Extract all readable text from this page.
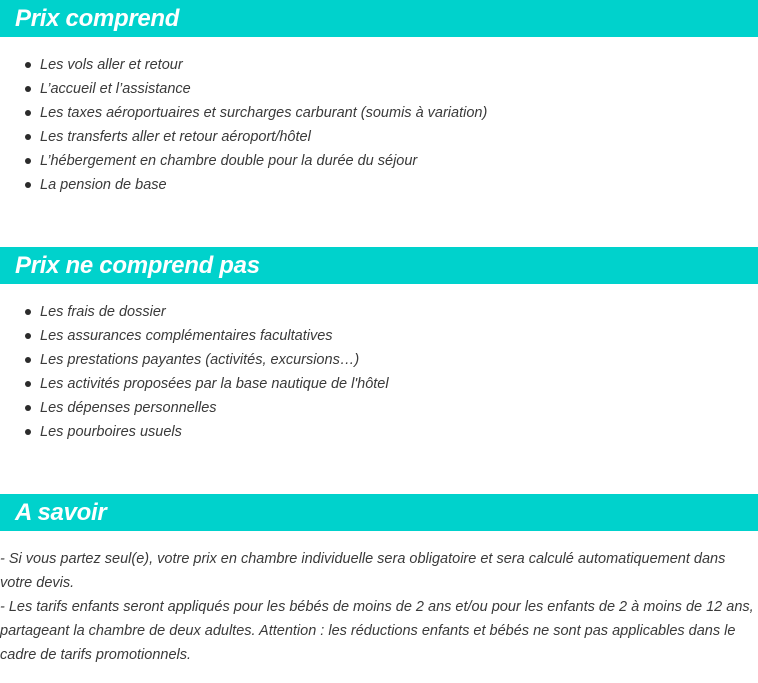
Prix comprend
Les vols aller et retour
L’accueil et l’assistance
Les taxes aéroportuaires et surcharges carburant (soumis à variation)
Les transferts aller et retour aéroport/hôtel
L’hébergement en chambre double pour la durée du séjour
La pension de base
Prix ne comprend pas
Les frais de dossier
Les assurances complémentaires facultatives
Les prestations payantes (activités, excursions…)
Les activités proposées par la base nautique de l'hôtel
Les dépenses personnelles
Les pourboires usuels
A savoir

- Si vous partez seul(e), votre prix en chambre individuelle sera obligatoire et sera calculé automatiquement dans votre devis.

- Les tarifs enfants seront appliqués pour les bébés de moins de 2 ans et/ou pour les enfants de 2 à moins de 12 ans, partageant la chambre de deux adultes. Attention : les réductions enfants et bébés ne sont pas applicables dans le cadre de tarifs promotionnels.
